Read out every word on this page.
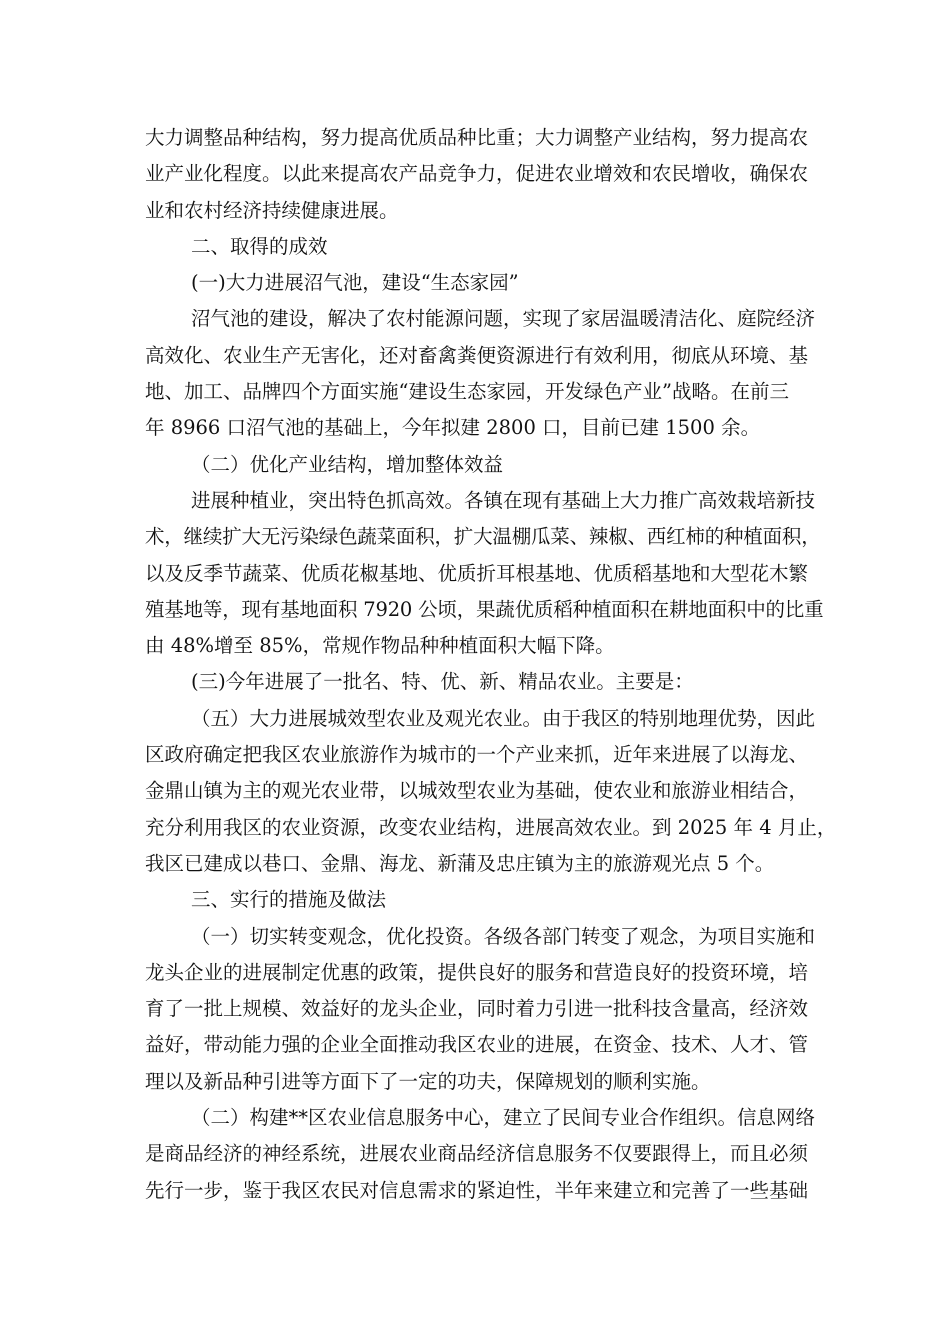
大力调整品种结构，努力提高优质品种比重；大力调整产业结构，努力提高农
业产业化程度。以此来提高农产品竞争力，促进农业增效和农民增收，确保农
业和农村经济持续健康进展。
二、取得的成效
(一)大力进展沼气池，建设“生态家园”
沼气池的建设，解决了农村能源问题，实现了家居温暖清洁化、庭院经济
高效化、农业生产无害化，还对畜禽粪便资源进行有效利用，彻底从环境、基
地、加工、品牌四个方面实施“建设生态家园，开发绿色产业”战略。在前三
年 8966 口沼气池的基础上，今年拟建 2800 口，目前已建 1500 余。
（二）优化产业结构，增加整体效益
进展种植业，突出特色抓高效。各镇在现有基础上大力推广高效栽培新技
术，继续扩大无污染绿色蔬菜面积，扩大温棚瓜菜、辣椒、西红柿的种植面积，
以及反季节蔬菜、优质花椒基地、优质折耳根基地、优质稻基地和大型花木繁
殖基地等，现有基地面积 7920 公顷，果蔬优质稻种植面积在耕地面积中的比重
由 48%增至 85%，常规作物品种种植面积大幅下降。
(三)今年进展了一批名、特、优、新、精品农业。主要是：
（五）大力进展城效型农业及观光农业。由于我区的特别地理优势，因此
区政府确定把我区农业旅游作为城市的一个产业来抓，近年来进展了以海龙、
金鼎山镇为主的观光农业带，以城效型农业为基础，使农业和旅游业相结合，
充分利用我区的农业资源，改变农业结构，进展高效农业。到 2025 年 4 月止，
我区已建成以巷口、金鼎、海龙、新蒲及忠庄镇为主的旅游观光点 5 个。
三、实行的措施及做法
（一）切实转变观念，优化投资。各级各部门转变了观念，为项目实施和
龙头企业的进展制定优惠的政策，提供良好的服务和营造良好的投资环境，培
育了一批上规模、效益好的龙头企业，同时着力引进一批科技含量高，经济效
益好，带动能力强的企业全面推动我区农业的进展，在资金、技术、人才、管
理以及新品种引进等方面下了一定的功夫，保障规划的顺利实施。
（二）构建**区农业信息服务中心，建立了民间专业合作组织。信息网络
是商品经济的神经系统，进展农业商品经济信息服务不仅要跟得上，而且必须
先行一步，鉴于我区农民对信息需求的紧迫性，半年来建立和完善了一些基础
